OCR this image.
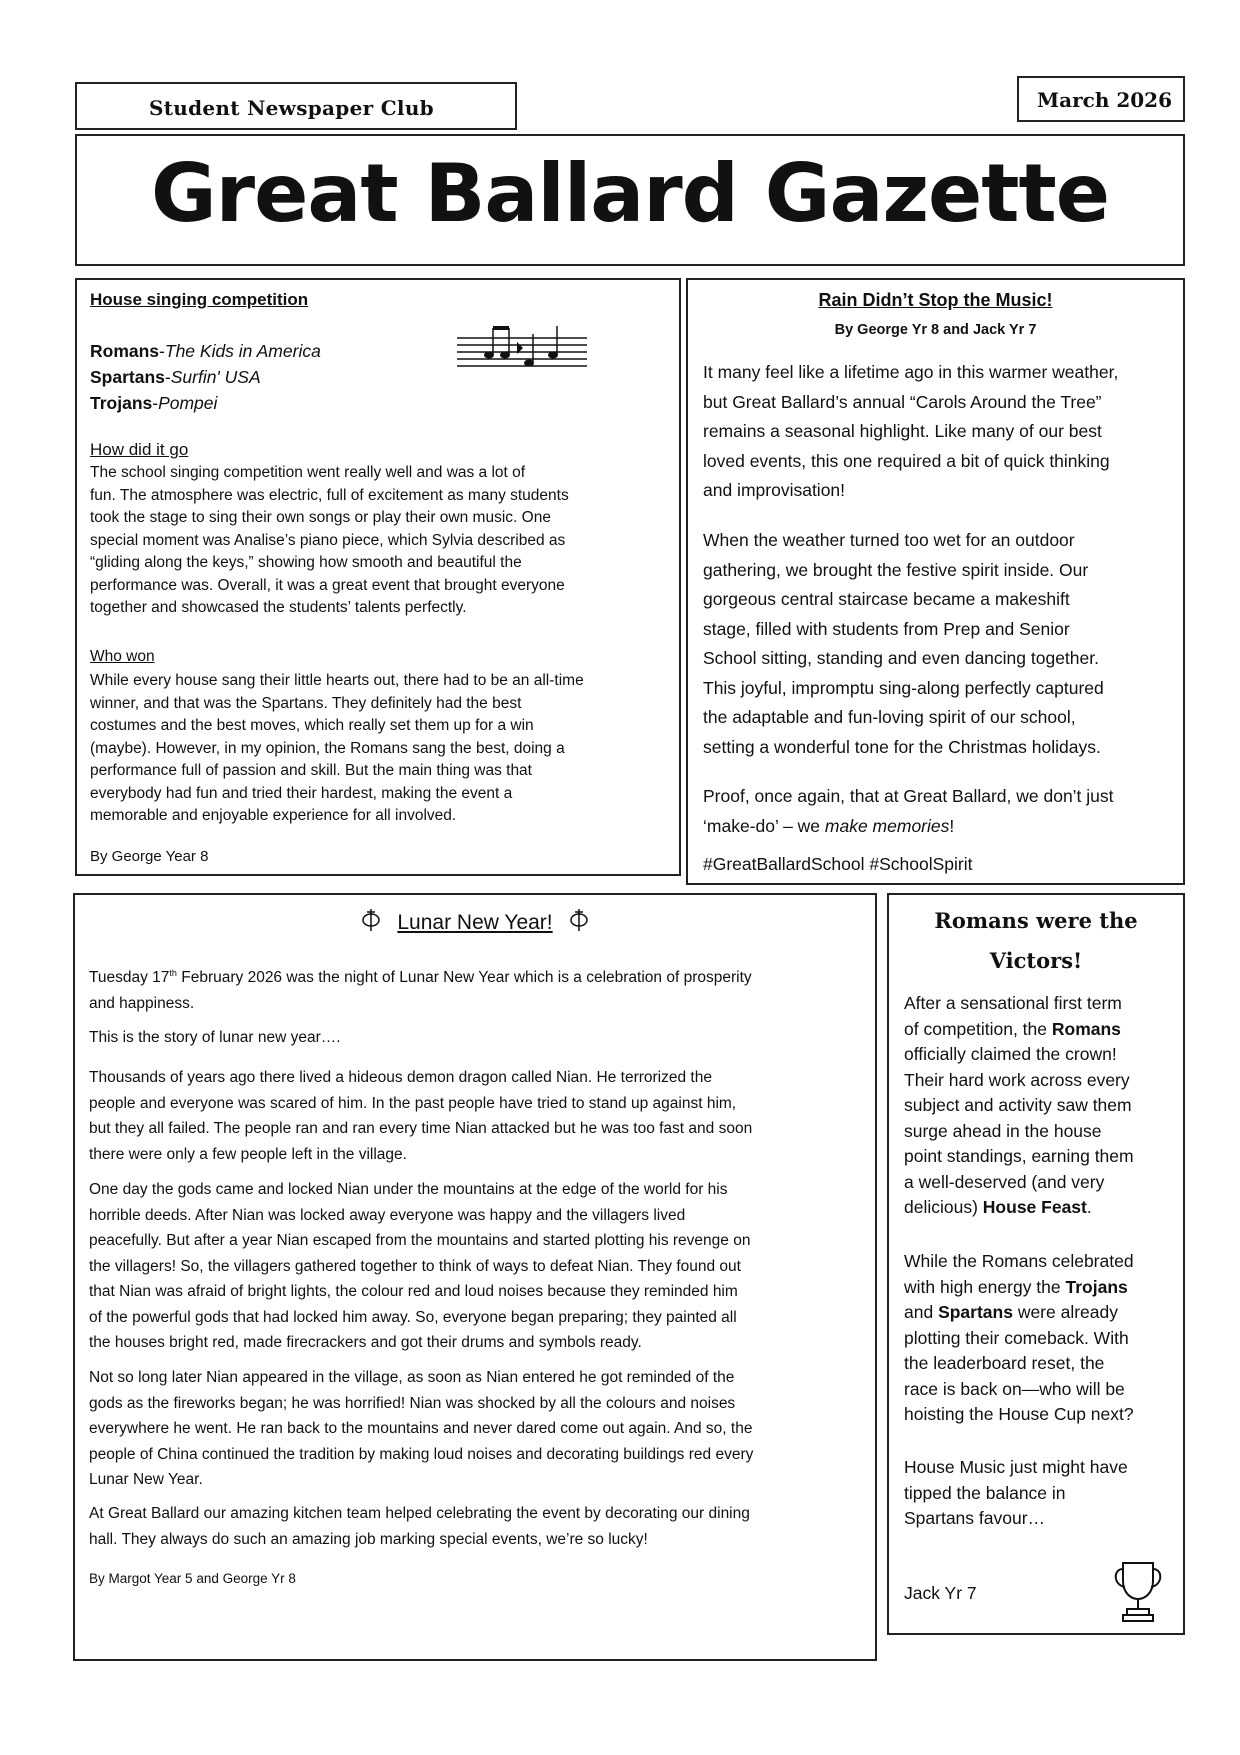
Student Newspaper Club	March 2026
Great Ballard Gazette
House singing competition
Romans-The Kids in America
Spartans-Surfin' USA
Trojans-Pompei
How did it go
The school singing competition went really well and was a lot of
fun. The atmosphere was electric, full of excitement as many students
took the stage to sing their own songs or play their own music. One
special moment was Analise’s piano piece, which Sylvia described as
“gliding along the keys,” showing how smooth and beautiful the
performance was. Overall, it was a great event that brought everyone
together and showcased the students’ talents perfectly.
Who won
While every house sang their little hearts out, there had to be an all-time
winner, and that was the Spartans. They definitely had the best
costumes and the best moves, which really set them up for a win
(maybe). However, in my opinion, the Romans sang the best, doing a
performance full of passion and skill. But the main thing was that
everybody had fun and tried their hardest, making the event a
memorable and enjoyable experience for all involved.
By George Year 8
Rain Didn’t Stop the Music!
By George Yr 8 and Jack Yr 7
It many feel like a lifetime ago in this warmer weather,
but Great Ballard’s annual “Carols Around the Tree”
remains a seasonal highlight. Like many of our best
loved events, this one required a bit of quick thinking
and improvisation!
When the weather turned too wet for an outdoor
gathering, we brought the festive spirit inside. Our
gorgeous central staircase became a makeshift
stage, filled with students from Prep and Senior
School sitting, standing and even dancing together.
This joyful, impromptu sing-along perfectly captured
the adaptable and fun-loving spirit of our school,
setting a wonderful tone for the Christmas holidays.
Proof, once again, that at Great Ballard, we don’t just
‘make-do’ – we make memories!
#GreatBallardSchool #SchoolSpirit
Lunar New Year!
Tuesday 17th February 2026 was the night of Lunar New Year which is a celebration of prosperity
and happiness.
This is the story of lunar new year….
Thousands of years ago there lived a hideous demon dragon called Nian. He terrorized the
people and everyone was scared of him. In the past people have tried to stand up against him,
but they all failed. The people ran and ran every time Nian attacked but he was too fast and soon
there were only a few people left in the village.
One day the gods came and locked Nian under the mountains at the edge of the world for his
horrible deeds. After Nian was locked away everyone was happy and the villagers lived
peacefully. But after a year Nian escaped from the mountains and started plotting his revenge on
the villagers! So, the villagers gathered together to think of ways to defeat Nian. They found out
that Nian was afraid of bright lights, the colour red and loud noises because they reminded him
of the powerful gods that had locked him away. So, everyone began preparing; they painted all
the houses bright red, made firecrackers and got their drums and symbols ready.
Not so long later Nian appeared in the village, as soon as Nian entered he got reminded of the
gods as the fireworks began; he was horrified! Nian was shocked by all the colours and noises
everywhere he went. He ran back to the mountains and never dared come out again. And so, the
people of China continued the tradition by making loud noises and decorating buildings red every
Lunar New Year.
At Great Ballard our amazing kitchen team helped celebrating the event by decorating our dining
hall. They always do such an amazing job marking special events, we’re so lucky!
By Margot Year 5 and George Yr 8
Romans were the
Victors!
After a sensational first term
of competition, the Romans
officially claimed the crown!
Their hard work across every
subject and activity saw them
surge ahead in the house
point standings, earning them
a well-deserved (and very
delicious) House Feast.
While the Romans celebrated
with high energy the Trojans
and Spartans were already
plotting their comeback. With
the leaderboard reset, the
race is back on—who will be
hoisting the House Cup next?
House Music just might have
tipped the balance in
Spartans favour…
Jack Yr 7
